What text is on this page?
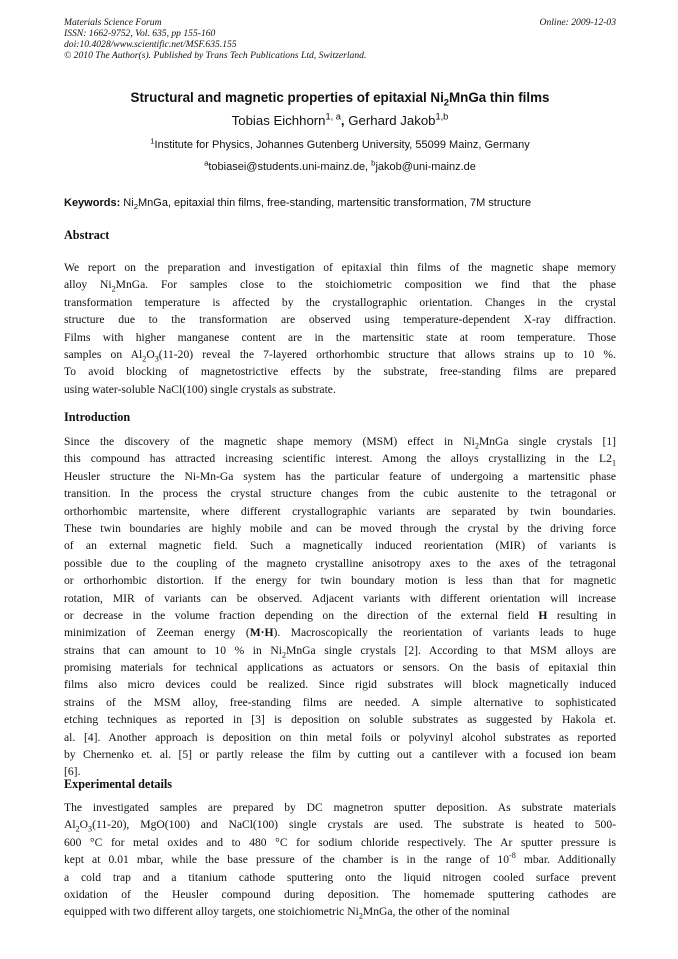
Materials Science Forum
ISSN: 1662-9752, Vol. 635, pp 155-160
doi:10.4028/www.scientific.net/MSF.635.155
© 2010 The Author(s). Published by Trans Tech Publications Ltd, Switzerland.
Online: 2009-12-03
Structural and magnetic properties of epitaxial $Ni_2MnGa$ thin films
Tobias Eichhorn$^{1, a}$, Gerhard Jakob$^{1,b}$
$^1$Institute for Physics, Johannes Gutenberg University, 55099 Mainz, Germany
$^a$tobiasei@students.uni-mainz.de, $^b$jakob@uni-mainz.de
Keywords: $Ni_2MnGa$, epitaxial thin films, free-standing, martensitic transformation, 7M structure
Abstract
We report on the preparation and investigation of epitaxial thin films of the magnetic shape memory
alloy $Ni_2MnGa$. For samples close to the stoichiometric composition we find that the phase
transformation temperature is affected by the crystallographic orientation. Changes in the crystal
structure due to the transformation are observed using temperature-dependent X-ray diffraction.
Films with higher manganese content are in the martensitic state at room temperature. Those
samples on $Al_2O_3(11-20)$ reveal the 7-layered orthorhombic structure that allows strains up to 10 %.
To avoid blocking of magnetostrictive effects by the substrate, free-standing films are prepared
using water-soluble NaCl(100) single crystals as substrate.
Introduction
Since the discovery of the magnetic shape memory (MSM) effect in $Ni_2MnGa$ single crystals [1]
this compound has attracted increasing scientific interest. Among the alloys crystallizing in the $L2_1$
Heusler structure the Ni-Mn-Ga system has the particular feature of undergoing a martensitic phase
transition. In the process the crystal structure changes from the cubic austenite to the tetragonal or
orthorhombic martensite, where different crystallographic variants are separated by twin boundaries.
These twin boundaries are highly mobile and can be moved through the crystal by the driving force
of an external magnetic field. Such a magnetically induced reorientation (MIR) of variants is
possible due to the coupling of the magneto crystalline anisotropy axes to the axes of the tetragonal
or orthorhombic distortion. If the energy for twin boundary motion is less than that for magnetic
rotation, MIR of variants can be observed. Adjacent variants with different orientation will increase
or decrease in the volume fraction depending on the direction of the external field H resulting in
minimization of Zeeman energy (M·H). Macroscopically the reorientation of variants leads to huge
strains that can amount to 10 % in $Ni_2MnGa$ single crystals [2]. According to that MSM alloys are
promising materials for technical applications as actuators or sensors. On the basis of epitaxial thin
films also micro devices could be realized. Since rigid substrates will block magnetically induced
strains of the MSM alloy, free-standing films are needed. A simple alternative to sophisticated
etching techniques as reported in [3] is deposition on soluble substrates as suggested by Hakola et.
al. [4]. Another approach is deposition on thin metal foils or polyvinyl alcohol substrates as reported
by Chernenko et. al. [5] or partly release the film by cutting out a cantilever with a focused ion beam
[6].
Experimental details
The investigated samples are prepared by DC magnetron sputter deposition. As substrate materials
$Al_2O_3(11-20)$, MgO(100) and NaCl(100) single crystals are used. The substrate is heated to 500-
600 °C for metal oxides and to 480 °C for sodium chloride respectively. The Ar sputter pressure is
kept at 0.01 mbar, while the base pressure of the chamber is in the range of $10^{-8}$ mbar. Additionally
a cold trap and a titanium cathode sputtering onto the liquid nitrogen cooled surface prevent
oxidation of the Heusler compound during deposition. The homemade sputtering cathodes are
equipped with two different alloy targets, one stoichiometric $Ni_2MnGa$, the other of the nominal
